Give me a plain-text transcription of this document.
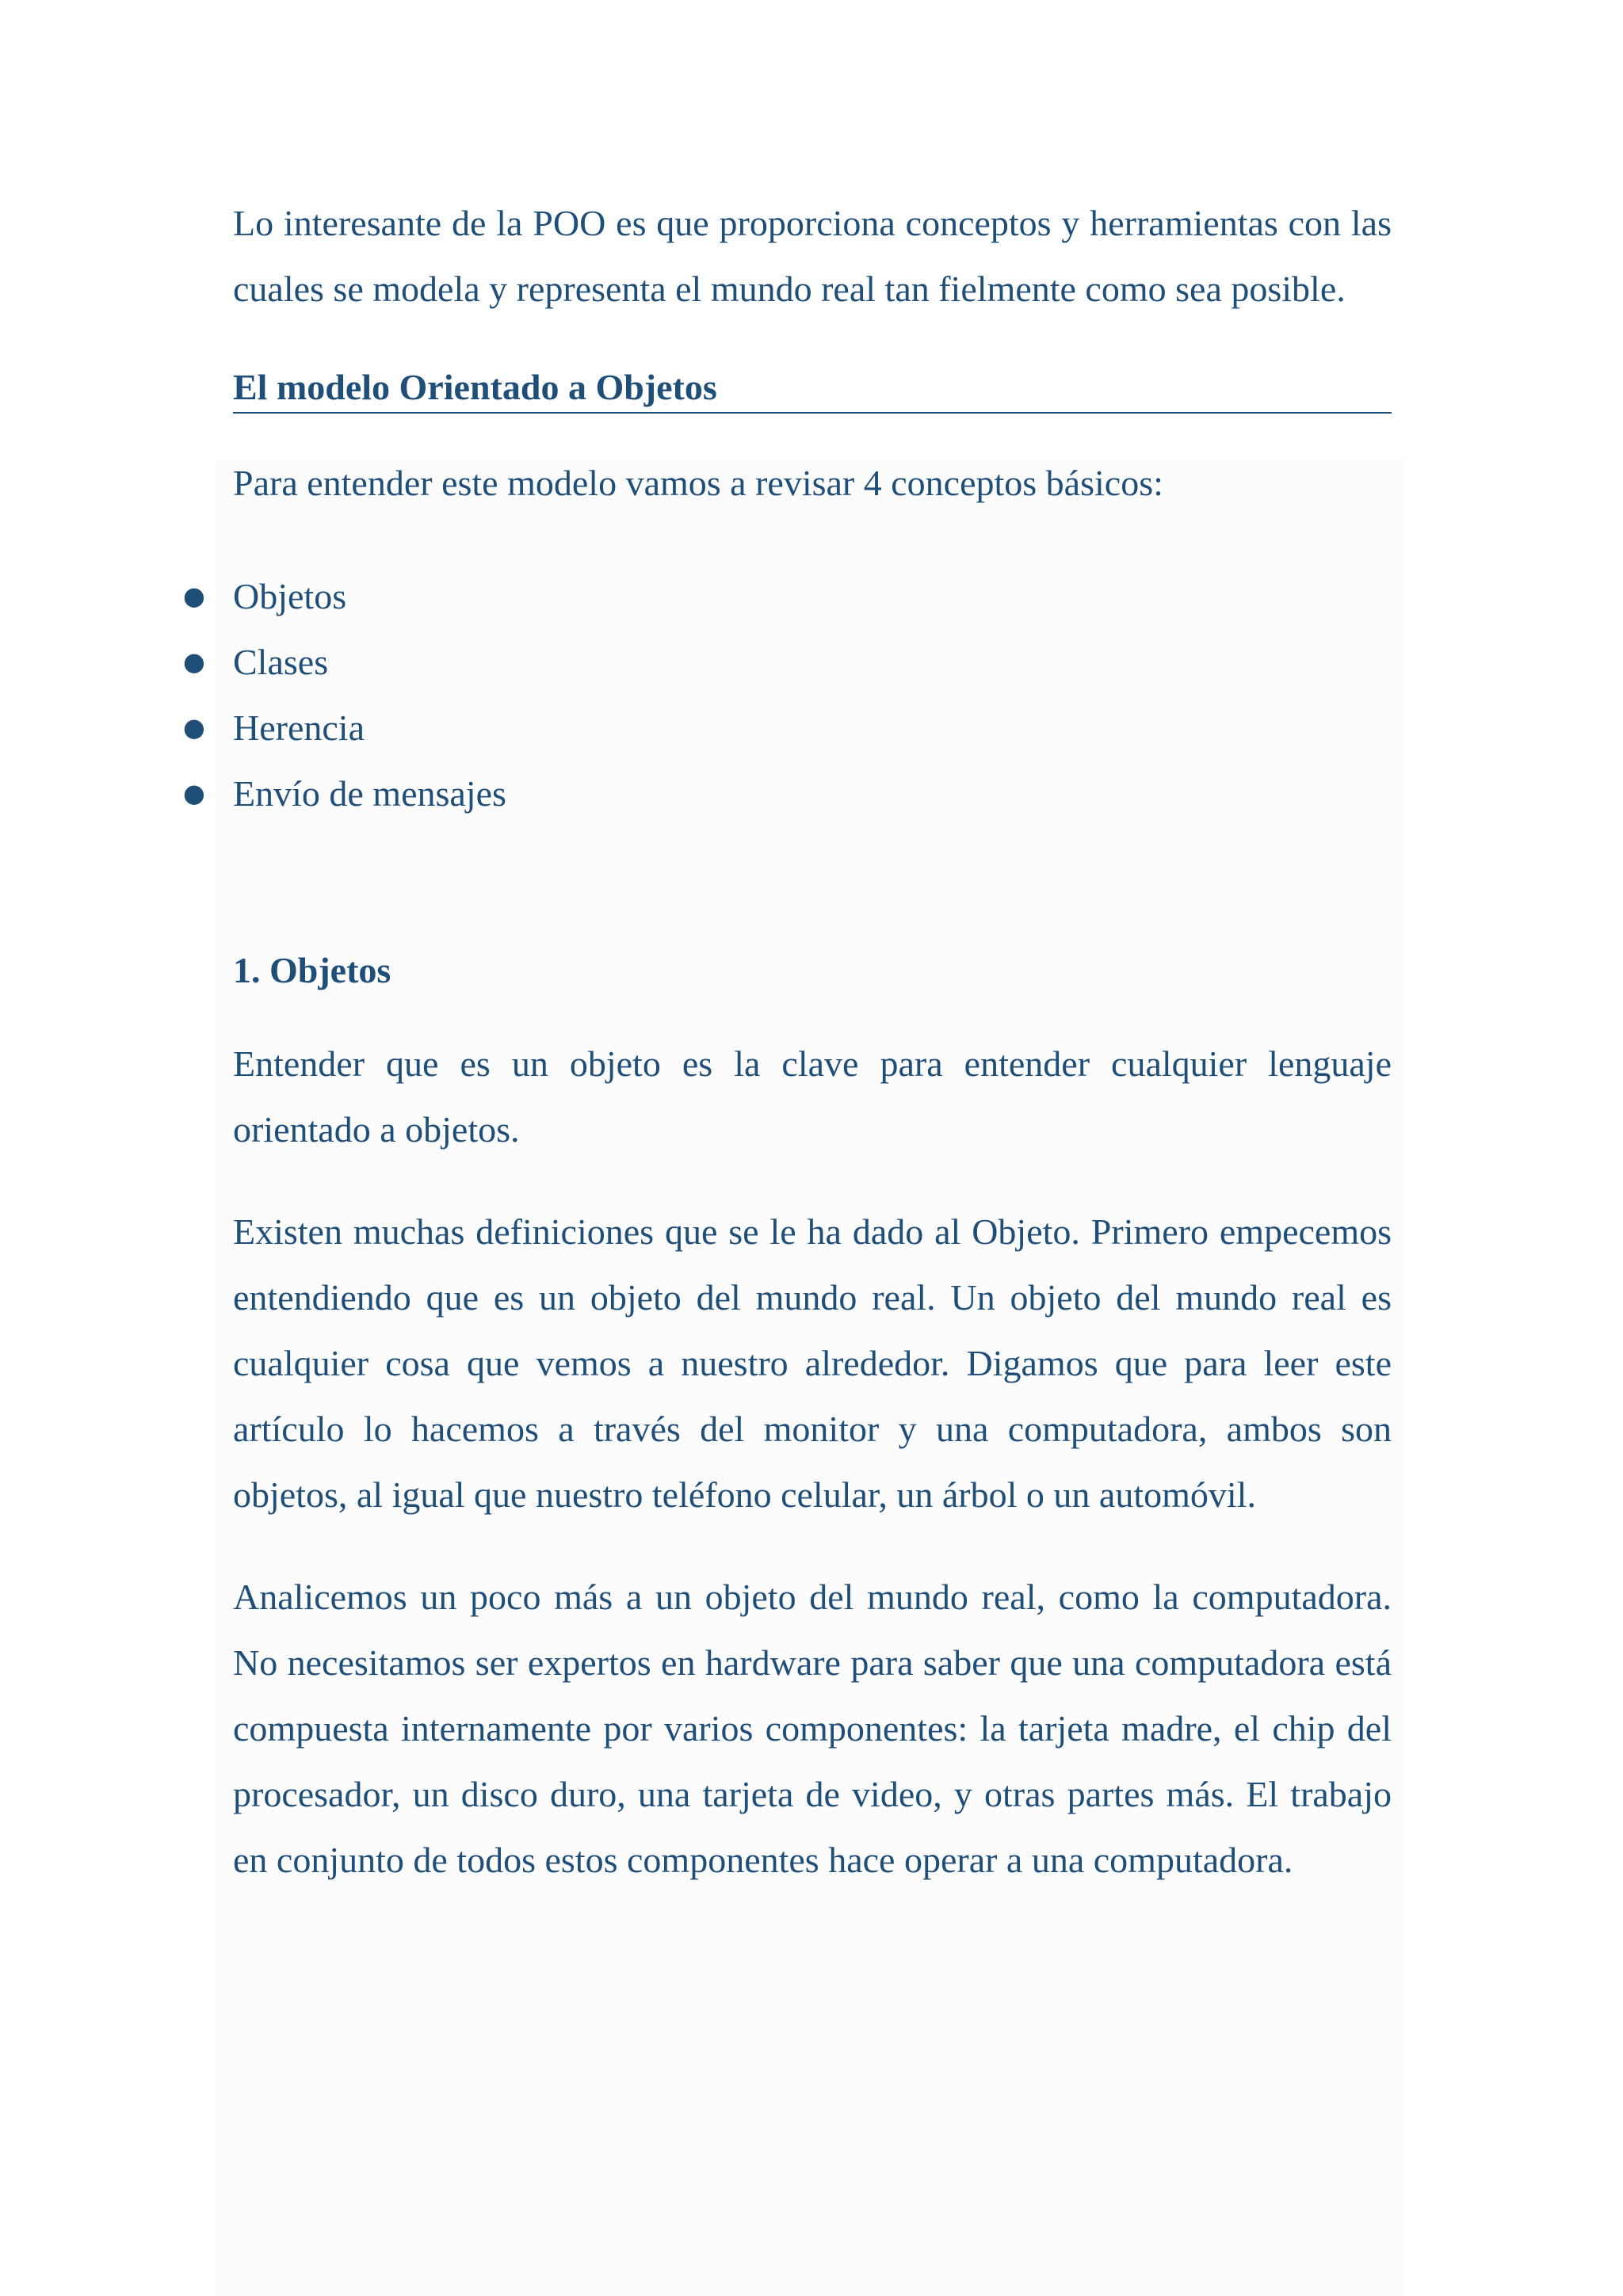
Lo interesante de la POO es que proporciona conceptos y herramientas con las cuales se modela y representa el mundo real tan fielmente como sea posible.

El modelo Orientado a Objetos

Para entender este modelo vamos a revisar 4 conceptos básicos:

● Objetos
● Clases
● Herencia
● Envío de mensajes
1. Objetos

Entender que es un objeto es la clave para entender cualquier lenguaje orientado a objetos.

Existen muchas definiciones que se le ha dado al Objeto. Primero empecemos entendiendo que es un objeto del mundo real. Un objeto del mundo real es cualquier cosa que vemos a nuestro alrededor. Digamos que para leer este artículo lo hacemos a través del monitor y una computadora, ambos son objetos, al igual que nuestro teléfono celular, un árbol o un automóvil.

Analicemos un poco más a un objeto del mundo real, como la computadora. No necesitamos ser expertos en hardware para saber que una computadora está compuesta internamente por varios componentes: la tarjeta madre, el chip del procesador, un disco duro, una tarjeta de video, y otras partes más. El trabajo en conjunto de todos estos componentes hace operar a una computadora.
